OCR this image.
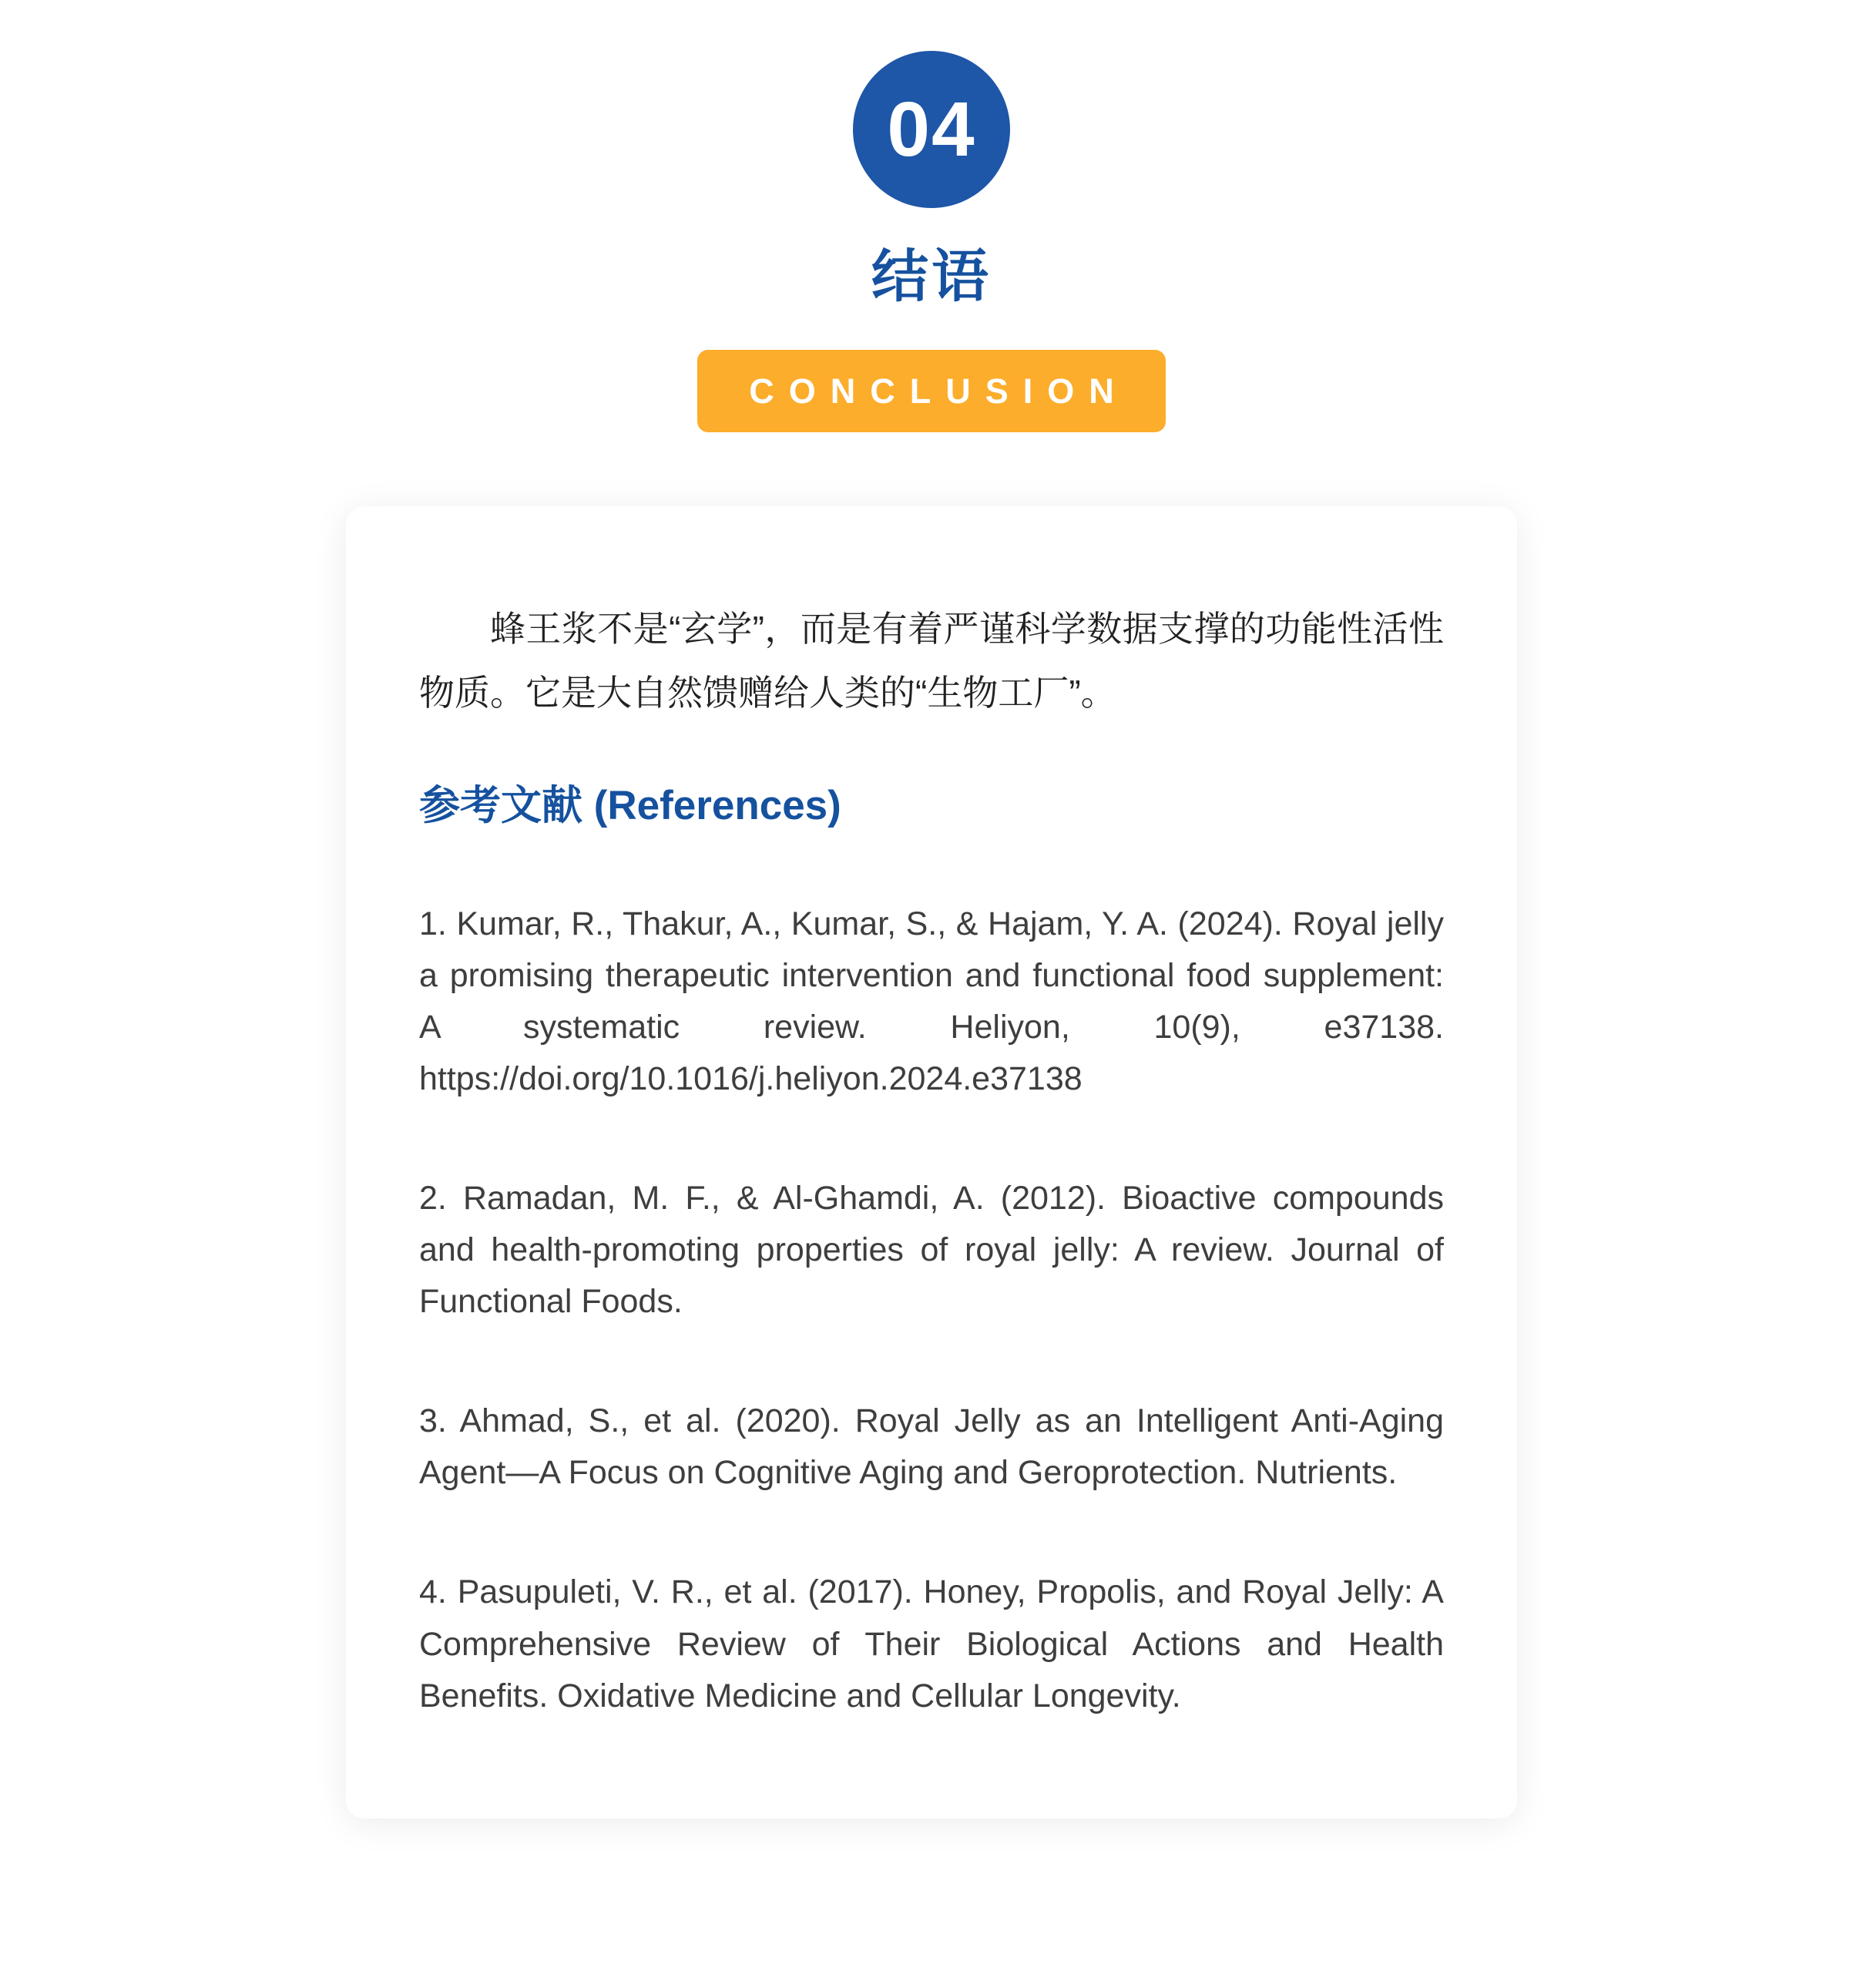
04
结语
CONCLUSION

蜂王浆不是“玄学”，而是有着严谨科学数据支撑的功能性活性物质。它是大自然馈赠给人类的“生物工厂”。

参考文献 (References)

1. Kumar, R., Thakur, A., Kumar, S., & Hajam, Y. A. (2024). Royal jelly a promising therapeutic intervention and functional food supplement: A systematic review. Heliyon, 10(9), e37138. https://doi.org/10.1016/j.heliyon.2024.e37138

2. Ramadan, M. F., & Al-Ghamdi, A. (2012). Bioactive compounds and health-promoting properties of royal jelly: A review. Journal of Functional Foods.

3. Ahmad, S., et al. (2020). Royal Jelly as an Intelligent Anti-Aging Agent—A Focus on Cognitive Aging and Geroprotection. Nutrients.

4. Pasupuleti, V. R., et al. (2017). Honey, Propolis, and Royal Jelly: A Comprehensive Review of Their Biological Actions and Health Benefits. Oxidative Medicine and Cellular Longevity.
